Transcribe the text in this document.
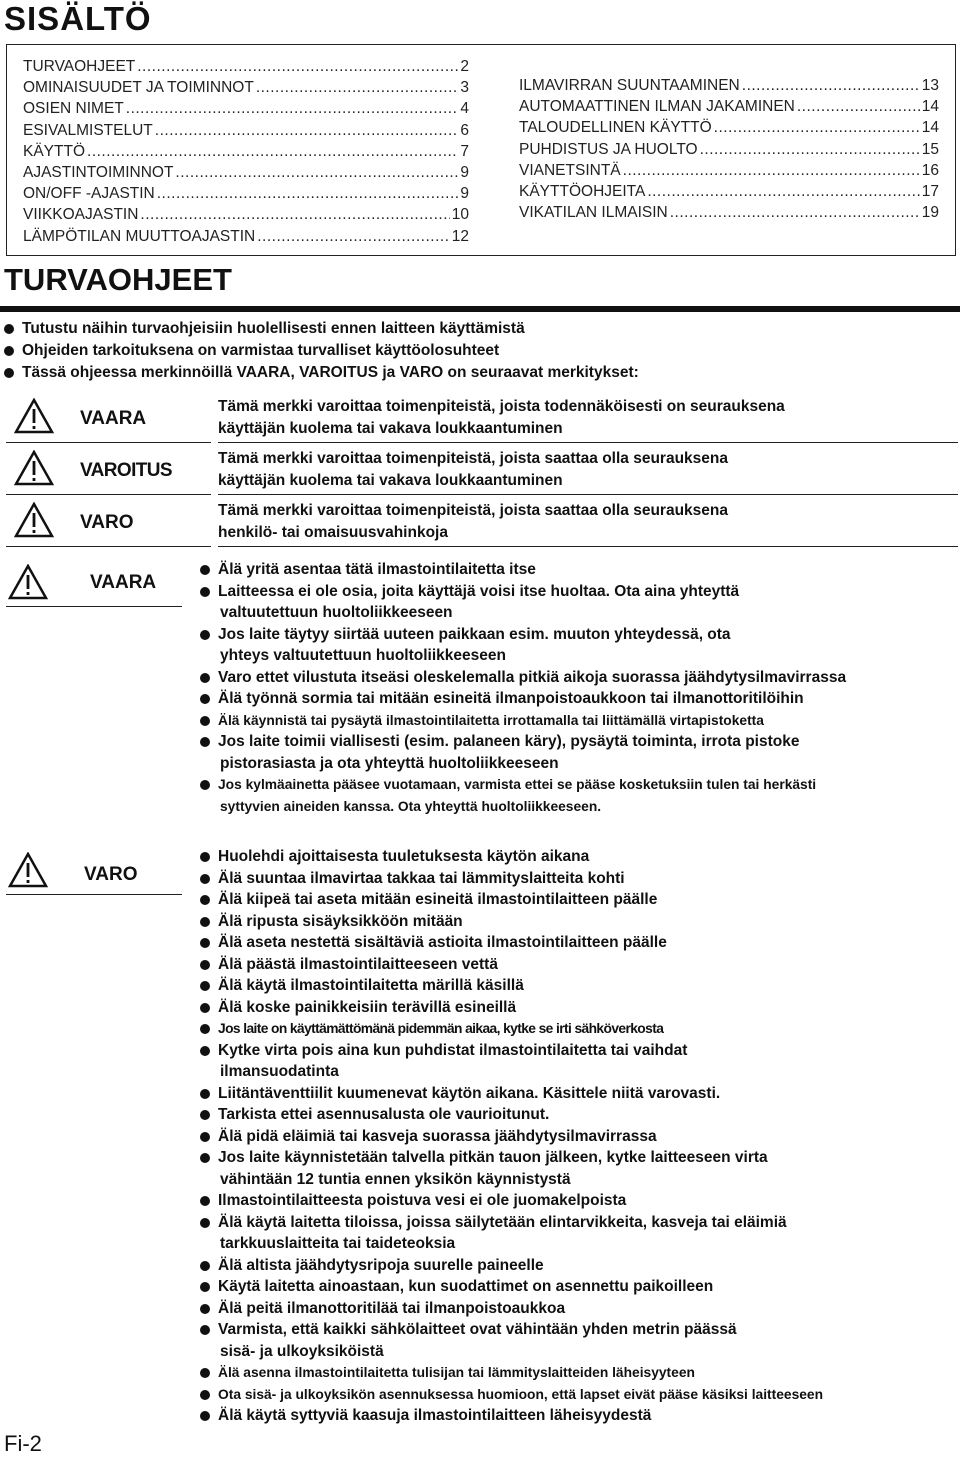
SISÄLTÖ
TURVAOHJEET .....	2
OMINAISUUDET JA TOIMINNOT .....	3
OSIEN NIMET .....	4
ESIVALMISTELUT .....	6
KÄYTTÖ .....	7
AJASTINTOIMINNOT .....	9
ON/OFF -AJASTIN .....	9
VIIKKOAJASTIN .....	10
LÄMPÖTILAN MUUTTOAJASTIN .....	12
ILMAVIRRAN SUUNTAAMINEN .....	13
AUTOMAATTINEN ILMAN JAKAMINEN .....	14
TALOUDELLINEN KÄYTTÖ .....	14
PUHDISTUS JA HUOLTO .....	15
VIANETSINTÄ .....	16
KÄYTTÖOHJEITA .....	17
VIKATILAN ILMAISIN .....	19
TURVAOHJEET
Tutustu näihin turvaohjeisiin huolellisesti ennen laitteen käyttämistä
Ohjeiden tarkoituksena on varmistaa turvalliset käyttöolosuhteet
Tässä ohjeessa merkinnöillä VAARA, VAROITUS ja VARO on seuraavat merkitykset:
VAARA
Tämä merkki varoittaa toimenpiteistä, joista todennäköisesti on seurauksena
käyttäjän kuolema tai vakava loukkaantuminen
VAROITUS
Tämä merkki varoittaa toimenpiteistä, joista saattaa olla seurauksena
käyttäjän kuolema tai vakava loukkaantuminen
VARO
Tämä merkki varoittaa toimenpiteistä, joista saattaa olla seurauksena
henkilö- tai omaisuusvahinkoja
VAARA
Älä yritä asentaa tätä ilmastointilaitetta itse
Laitteessa ei ole osia, joita käyttäjä voisi itse huoltaa. Ota aina yhteyttä
valtuutettuun huoltoliikkeeseen
Jos laite täytyy siirtää uuteen paikkaan esim. muuton yhteydessä, ota
yhteys valtuutettuun huoltoliikkeeseen
Varo ettet vilustuta itseäsi oleskelemalla pitkiä aikoja suorassa jäähdytysilmavirrassa
Älä työnnä sormia tai mitään esineitä ilmanpoistoaukkoon tai ilmanottoritilöihin
Älä käynnistä tai pysäytä ilmastointilaitetta irrottamalla tai liittämällä virtapistoketta
Jos laite toimii viallisesti (esim. palaneen käry), pysäytä toiminta, irrota pistoke
pistorasiasta ja ota yhteyttä huoltoliikkeeseen
Jos kylmäainetta pääsee vuotamaan, varmista ettei se pääse kosketuksiin tulen tai herkästi
syttyvien aineiden kanssa. Ota yhteyttä huoltoliikkeeseen.
VARO
Huolehdi ajoittaisesta tuuletuksesta käytön aikana
Älä suuntaa ilmavirtaa takkaa tai lämmityslaitteita kohti
Älä kiipeä tai aseta mitään esineitä ilmastointilaitteen päälle
Älä ripusta sisäyksikköön mitään
Älä aseta nestettä sisältäviä astioita ilmastointilaitteen päälle
Älä päästä ilmastointilaitteeseen vettä
Älä käytä ilmastointilaitetta märillä käsillä
Älä koske painikkeisiin terävillä esineillä
Jos laite on käyttämättömänä pidemmän aikaa, kytke se irti sähköverkosta
Kytke virta pois aina kun puhdistat ilmastointilaitetta tai vaihdat
ilmansuodatinta
Liitäntäventtiilit kuumenevat käytön aikana. Käsittele niitä varovasti.
Tarkista ettei asennusalusta ole vaurioitunut.
Älä pidä eläimiä tai kasveja suorassa jäähdytysilmavirrassa
Jos laite käynnistetään talvella pitkän tauon jälkeen, kytke laitteeseen virta
vähintään 12 tuntia ennen yksikön käynnistystä
Ilmastointilaitteesta poistuva vesi ei ole juomakelpoista
Älä käytä laitetta tiloissa, joissa säilytetään elintarvikkeita, kasveja tai eläimiä
tarkkuuslaitteita tai taideteoksia
Älä altista jäähdytysripoja suurelle paineelle
Käytä laitetta ainoastaan, kun suodattimet on asennettu paikoilleen
Älä peitä ilmanottoritilää tai ilmanpoistoaukkoa
Varmista, että kaikki sähkölaitteet ovat vähintään yhden metrin päässä
sisä- ja ulkoyksiköistä
Älä asenna ilmastointilaitetta tulisijan tai lämmityslaitteiden läheisyyteen
Ota sisä- ja ulkoyksikön asennuksessa huomioon, että lapset eivät pääse käsiksi laitteeseen
Älä käytä syttyviä kaasuja ilmastointilaitteen läheisyydestä
Fi-2
